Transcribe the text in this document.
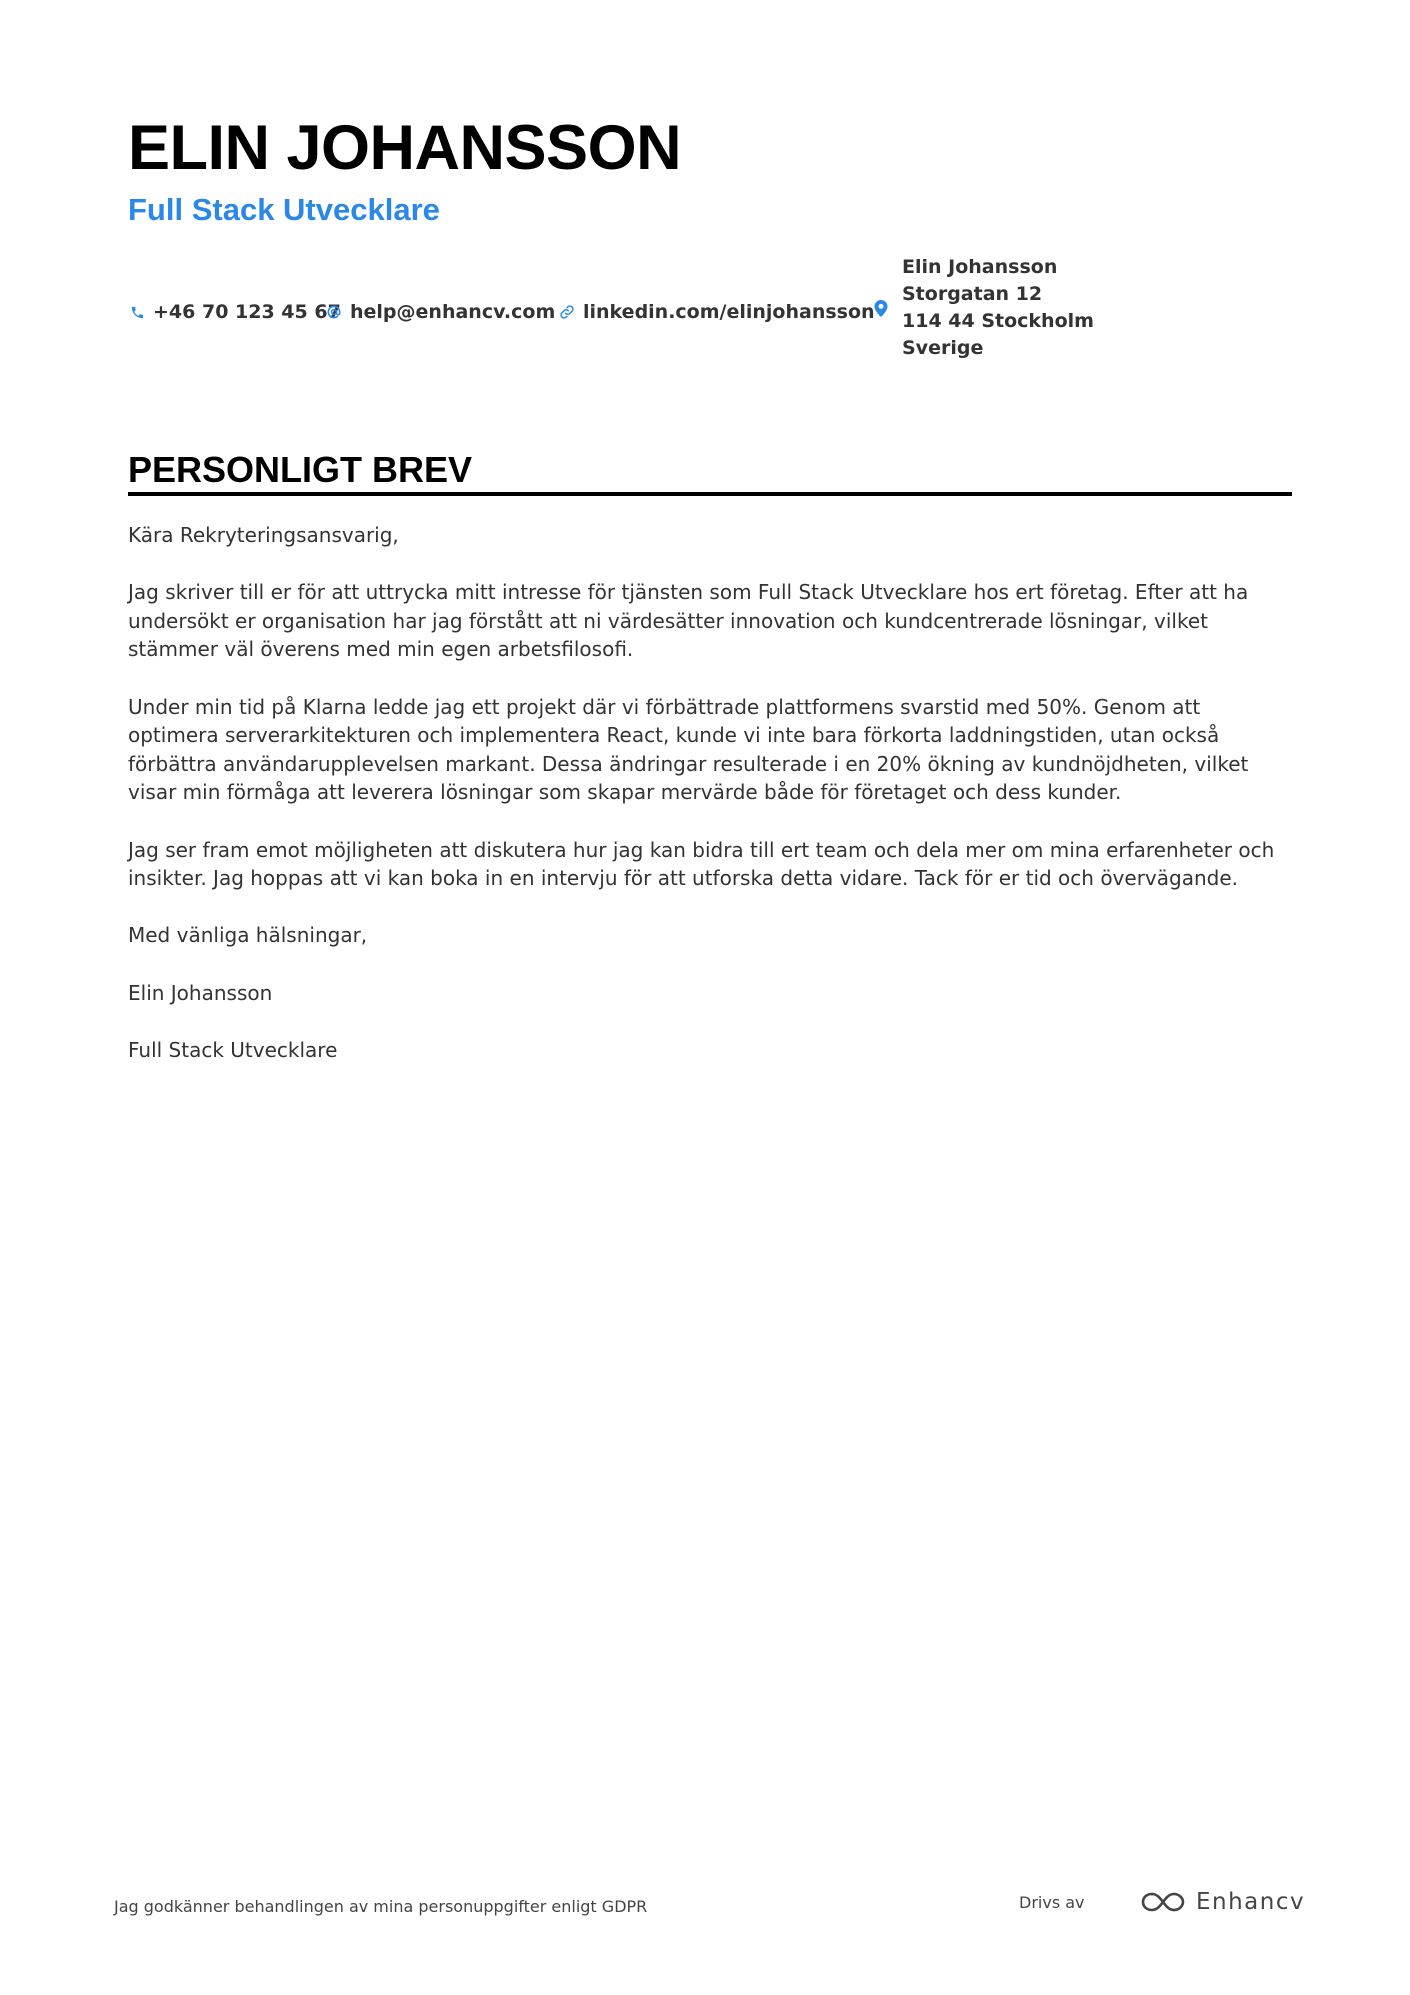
ELIN JOHANSSON
Full Stack Utvecklare
+46 70 123 45 67 help@enhancv.com linkedin.com/elinjohansson
Elin Johansson
Storgatan 12
114 44 Stockholm
Sverige
PERSONLIGT BREV

Kära Rekryteringsansvarig,

Jag skriver till er för att uttrycka mitt intresse för tjänsten som Full Stack Utvecklare hos ert företag. Efter att ha undersökt er organisation har jag förstått att ni värdesätter innovation och kundcentrerade lösningar, vilket stämmer väl överens med min egen arbetsfilosofi.

Under min tid på Klarna ledde jag ett projekt där vi förbättrade plattformens svarstid med 50%. Genom att optimera serverarkitekturen och implementera React, kunde vi inte bara förkorta laddningstiden, utan också förbättra användarupplevelsen markant. Dessa ändringar resulterade i en 20% ökning av kundnöjdheten, vilket visar min förmåga att leverera lösningar som skapar mervärde både för företaget och dess kunder.

Jag ser fram emot möjligheten att diskutera hur jag kan bidra till ert team och dela mer om mina erfarenheter och insikter. Jag hoppas att vi kan boka in en intervju för att utforska detta vidare. Tack för er tid och övervägande.

Med vänliga hälsningar,

Elin Johansson

Full Stack Utvecklare

Jag godkänner behandlingen av mina personuppgifter enligt GDPR	Drivs av	Enhancv
